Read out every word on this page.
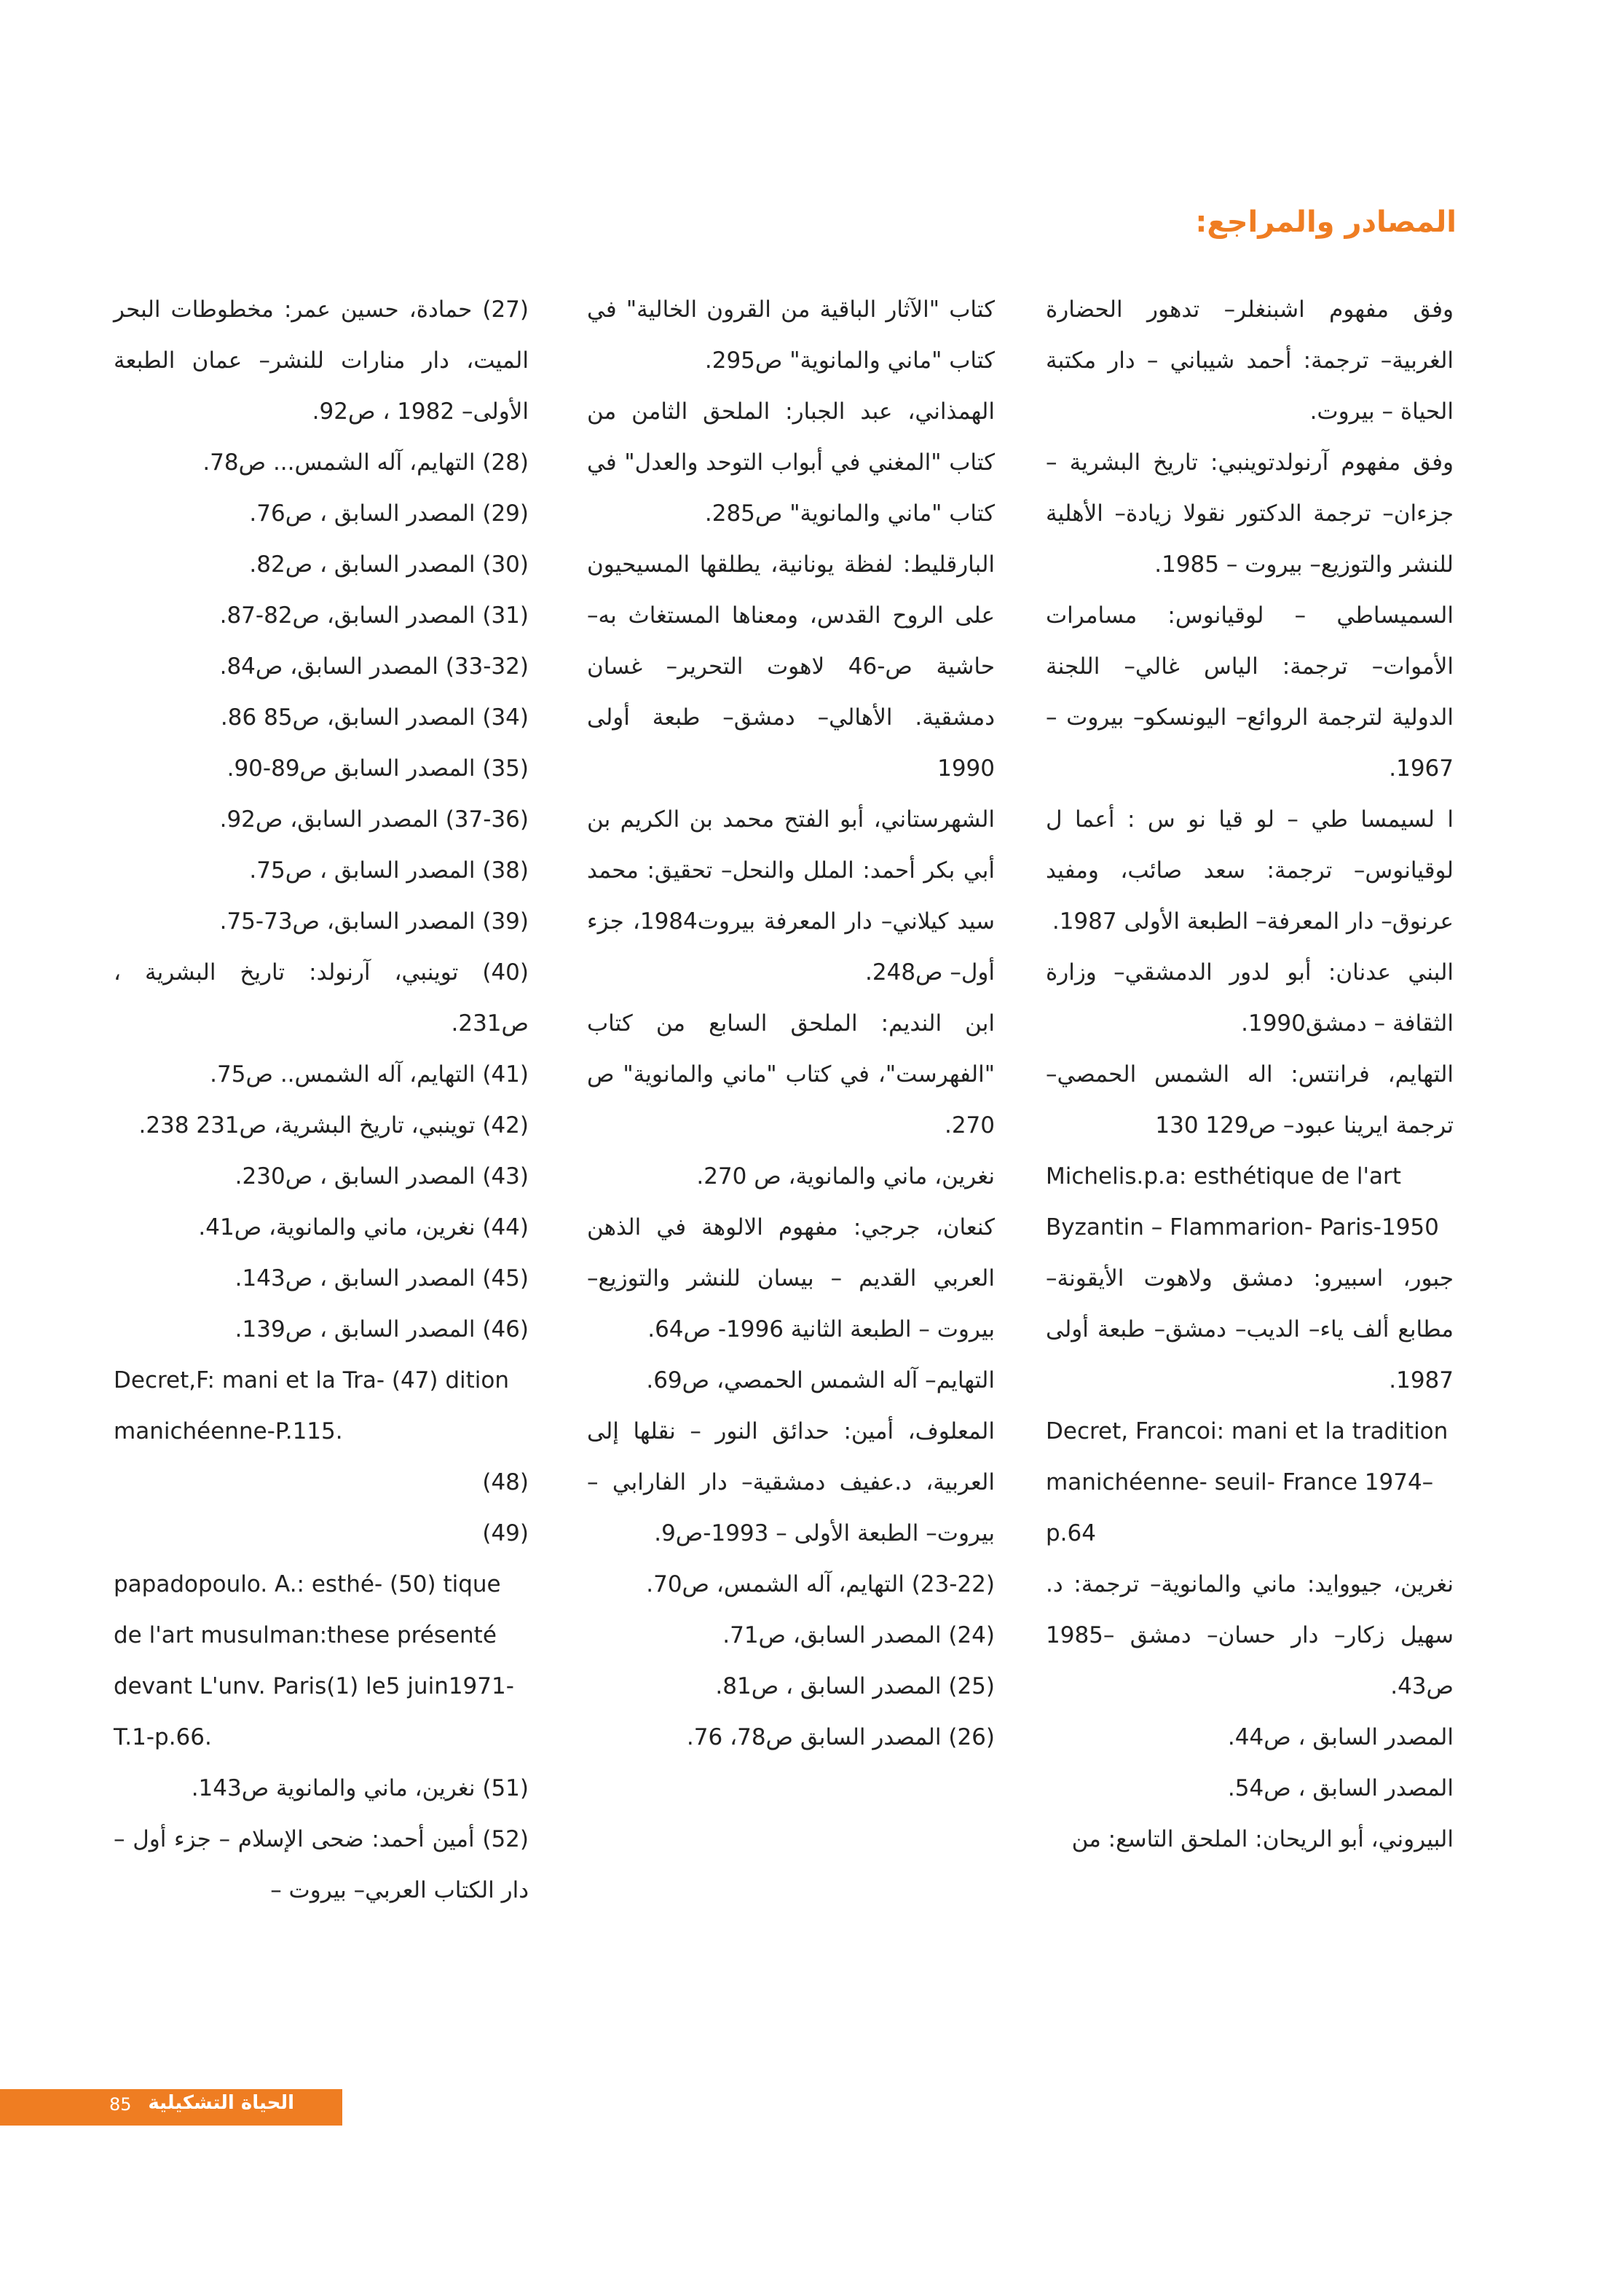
المصادر والمراجع:

وفق مفهوم اشبنغلر– تدهور الحضارة الغربية– ترجمة: أحمد شيباني – دار مكتبة الحياة – بيروت.

وفق مفهوم آرنولدتوينبي: تاريخ البشرية – جزءان– ترجمة الدكتور نقولا زيادة– الأهلية للنشر والتوزيع– بيروت – 1985.

السميساطي – لوقيانوس: مسامرات الأموات– ترجمة: الياس غالي– اللجنة الدولية لترجمة الروائع– اليونسكو– بيروت – 1967.

ا لسيمسا طي – لو قيا نو س : أعما ل لوقيانوس– ترجمة: سعد صائب، ومفيد عرنوق– دار المعرفة– الطبعة الأولى 1987.

البني عدنان: أبو لدور الدمشقي– وزارة الثقافة – دمشق1990.

التهايم، فرانتس: اله الشمس الحمصي– ترجمة ايرينا عبود– ص129 130

Michelis.p.a: esthétique de l'art Byzantin – Flammarion- Paris-1950

جبور، اسبيرو: دمشق ولاهوت الأيقونة– مطابع ألف ياء– الديب– دمشق– طبعة أولى 1987.

Decret, Francoi: mani et la tradition manichéenne- seuil- France 1974–p.64

نغرين، جيووايد: ماني والمانوية– ترجمة: د. سهيل زكار– دار حسان– دمشق –1985 ص43.

المصدر السابق ، ص44.

المصدر السابق ، ص54.

البيروني، أبو الريحان: الملحق التاسع: من

كتاب "الآثار الباقية من القرون الخالية" في كتاب "ماني والمانوية" ص295.

الهمذاني، عبد الجبار: الملحق الثامن من كتاب "المغني في أبواب التوحد والعدل" في كتاب "ماني والمانوية" ص285.

البارقليط: لفظة يونانية، يطلقها المسيحيون على الروح القدس، ومعناها المستغاث به– حاشية ص-46 لاهوت التحرير– غسان دمشقية. الأهالي– دمشق– طبعة أولى 1990

الشهرستاني، أبو الفتح محمد بن الكريم بن أبي بكر أحمد: الملل والنحل– تحقيق: محمد سيد كيلاني– دار المعرفة بيروت1984، جزء أول– ص248.

ابن النديم: الملحق السابع من كتاب "الفهرست"، في كتاب "ماني والمانوية" ص 270.

نغرين، ماني والمانوية، ص 270.

كنعان، جرجي: مفهوم الالوهة في الذهن العربي القديم – بيسان للنشر والتوزيع– بيروت – الطبعة الثانية 1996- ص64.

التهايم– آله الشمس الحمصي، ص69.

المعلوف، أمين: حدائق النور – نقلها إلى العربية، د.عفيف دمشقية– دار الفارابي – بيروت– الطبعة الأولى – 1993-ص9.

(23-22) التهايم، آله الشمس، ص70.

(24) المصدر السابق، ص71.

(25) المصدر السابق ، ص81.

(26) المصدر السابق ص78، 76.

(27) حمادة، حسين عمر: مخطوطات البحر الميت، دار منارات للنشر– عمان الطبعة الأولى– 1982 ، ص92.

(28) التهايم، آله الشمس... ص78.

(29) المصدر السابق ، ص76.

(30) المصدر السابق ، ص82.

(31) المصدر السابق، ص82-87.

(33-32) المصدر السابق، ص84.

(34) المصدر السابق، ص85 86.

(35) المصدر السابق ص89-90.

(37-36) المصدر السابق، ص92.

(38) المصدر السابق ، ص75.

(39) المصدر السابق، ص73-75.

(40) توينبي، آرنولد: تاريخ البشرية ، ص231.

(41) التهايم، آله الشمس.. ص75.

(42) توينبي، تاريخ البشرية، ص231 238.

(43) المصدر السابق ، ص230.

(44) نغرين، ماني والمانوية، ص41.

(45) المصدر السابق ، ص143.

(46) المصدر السابق ، ص139.

Decret,F: mani et la Tra- (47) dition manichéenne-P.115.

(48)

(49)

papadopoulo. A.: esthé- (50) tique de l'art musulman:these présenté devant L'unv. Paris(1) le5 juin1971- T.1-p.66.

(51) نغرين، ماني والمانوية ص143.

(52) أمين أحمد: ضحى الإسلام – جزء أول – دار الكتاب العربي– بيروت –

الحياة التشكيلية
85
